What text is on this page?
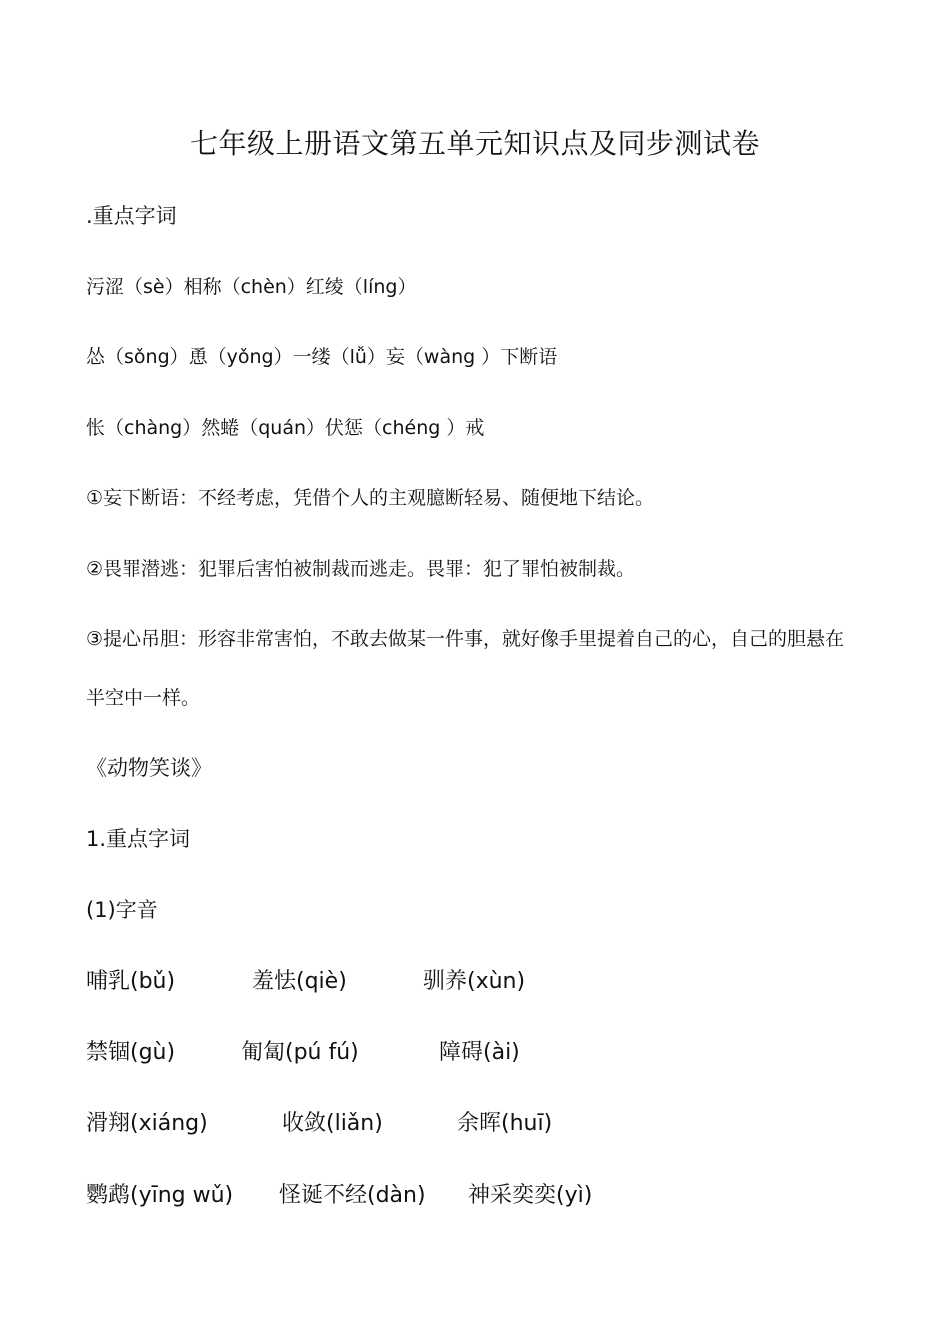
七年级上册语文第五单元知识点及同步测试卷
.重点字词
污涩（sè）相称（chèn）红绫（líng）
怂（sǒng）恿（yǒng）一缕（lǚ）妄（wàng ）下断语
怅（chàng）然蜷（quán）伏惩（chéng ）戒
①妄下断语：不经考虑，凭借个人的主观臆断轻易、随便地下结论。
②畏罪潜逃：犯罪后害怕被制裁而逃走。畏罪：犯了罪怕被制裁。
③提心吊胆：形容非常害怕，不敢去做某一件事，就好像手里提着自己的心，自己的胆悬在
半空中一样。
《动物笑谈》
1.重点字词
(1)字音
哺乳(bǔ)	羞怯(qiè)	驯养(xùn)
禁锢(gù)	匍匐(pú fú)	障碍(ài)
滑翔(xiáng)	收敛(liǎn)	余晖(huī)
鹦鹉(yīng wǔ) 怪诞不经(dàn) 神采奕奕(yì)
